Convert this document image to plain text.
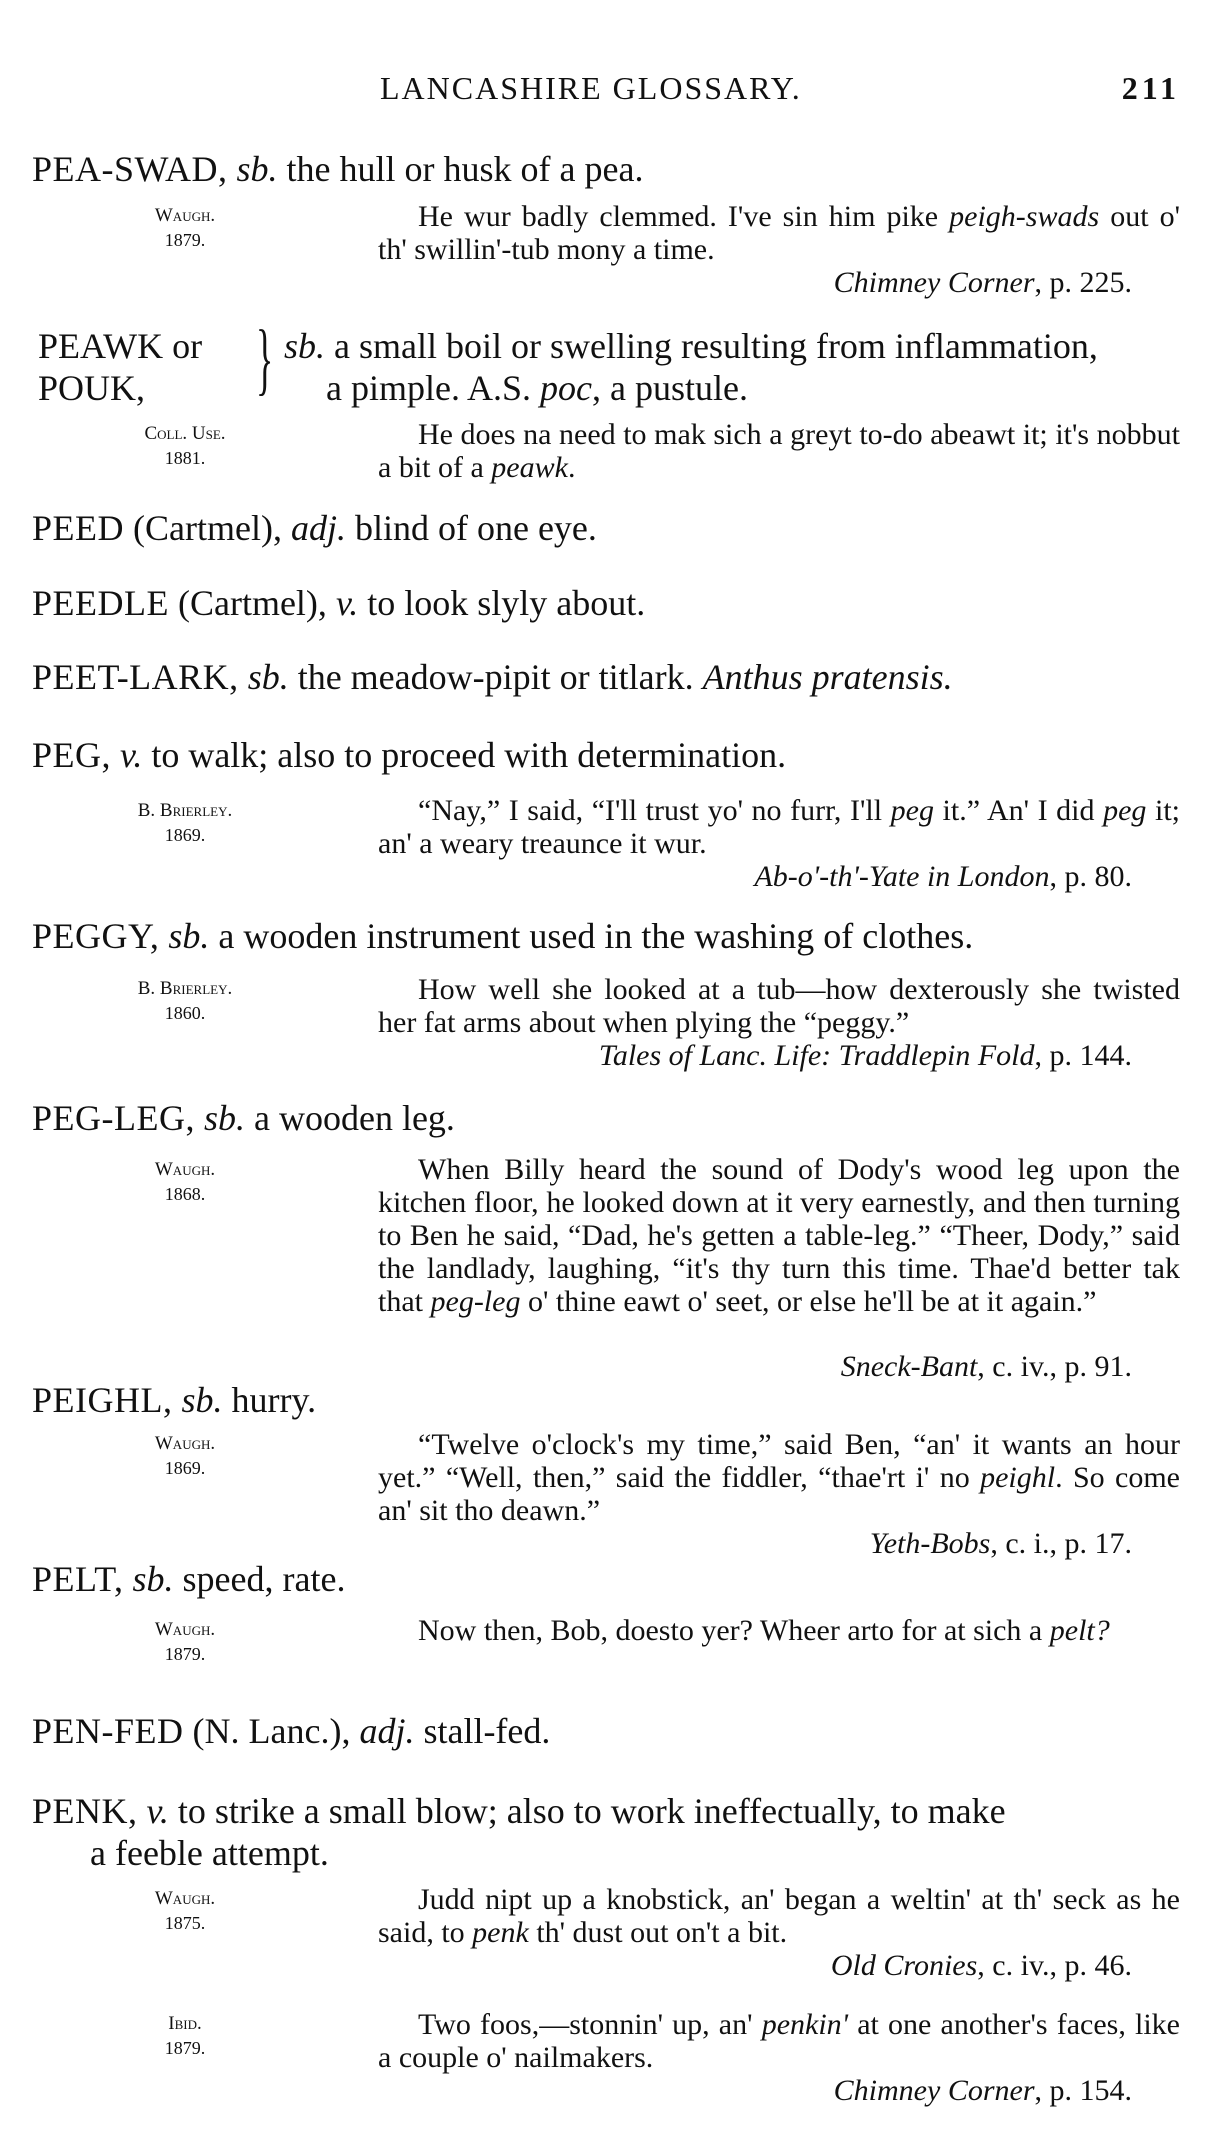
LANCASHIRE GLOSSARY.	211
PEA-SWAD, sb. the hull or husk of a pea.
Waugh.
1879.
He wur badly clemmed. I've sin him pike peigh-swads out o' th' swillin'-tub mony a time.
Chimney Corner, p. 225.
PEAWK or } sb. a small boil or swelling resulting from inflammation,
POUK,	a pimple. A.S. poc, a pustule.
Coll. Use.
1881.
He does na need to mak sich a greyt to-do abeawt it; it's nobbut a bit of a peawk.
PEED (Cartmel), adj. blind of one eye.
PEEDLE (Cartmel), v. to look slyly about.
PEET-LARK, sb. the meadow-pipit or titlark. Anthus pratensis.
PEG, v. to walk; also to proceed with determination.
B. Brierley.
1869.
“Nay,” I said, “I'll trust yo' no furr, I'll peg it.” An' I did peg it; an' a weary treaunce it wur.
Ab-o'-th'-Yate in London, p. 80.
PEGGY, sb. a wooden instrument used in the washing of clothes.
B. Brierley.
1860.
How well she looked at a tub—how dexterously she twisted her fat arms about when plying the “peggy.”
Tales of Lanc. Life: Traddlepin Fold, p. 144.
PEG-LEG, sb. a wooden leg.
Waugh.
1868.
When Billy heard the sound of Dody's wood leg upon the kitchen floor, he looked down at it very earnestly, and then turning to Ben he said, “Dad, he's getten a table-leg.” “Theer, Dody,” said the landlady, laughing, “it's thy turn this time. Thae'd better tak that peg-leg o' thine eawt o' seet, or else he'll be at it again.”
Sneck-Bant, c. iv., p. 91.
PEIGHL, sb. hurry.
Waugh.
1869.
“Twelve o'clock's my time,” said Ben, “an' it wants an hour yet.” “Well, then,” said the fiddler, “thae'rt i' no peighl. So come an' sit tho deawn.”
Yeth-Bobs, c. i., p. 17.
PELT, sb. speed, rate.
Waugh.
1879.
Now then, Bob, doesto yer? Wheer arto for at sich a pelt?
PEN-FED (N. Lanc.), adj. stall-fed.
PENK, v. to strike a small blow; also to work ineffectually, to make
a feeble attempt.
Waugh.
1875.
Judd nipt up a knobstick, an' began a weltin' at th' seck as he said, to penk th' dust out on't a bit.
Old Cronies, c. iv., p. 46.
Ibid.
1879.
Two foos,—stonnin' up, an' penkin' at one another's faces, like a couple o' nailmakers.
Chimney Corner, p. 154.
